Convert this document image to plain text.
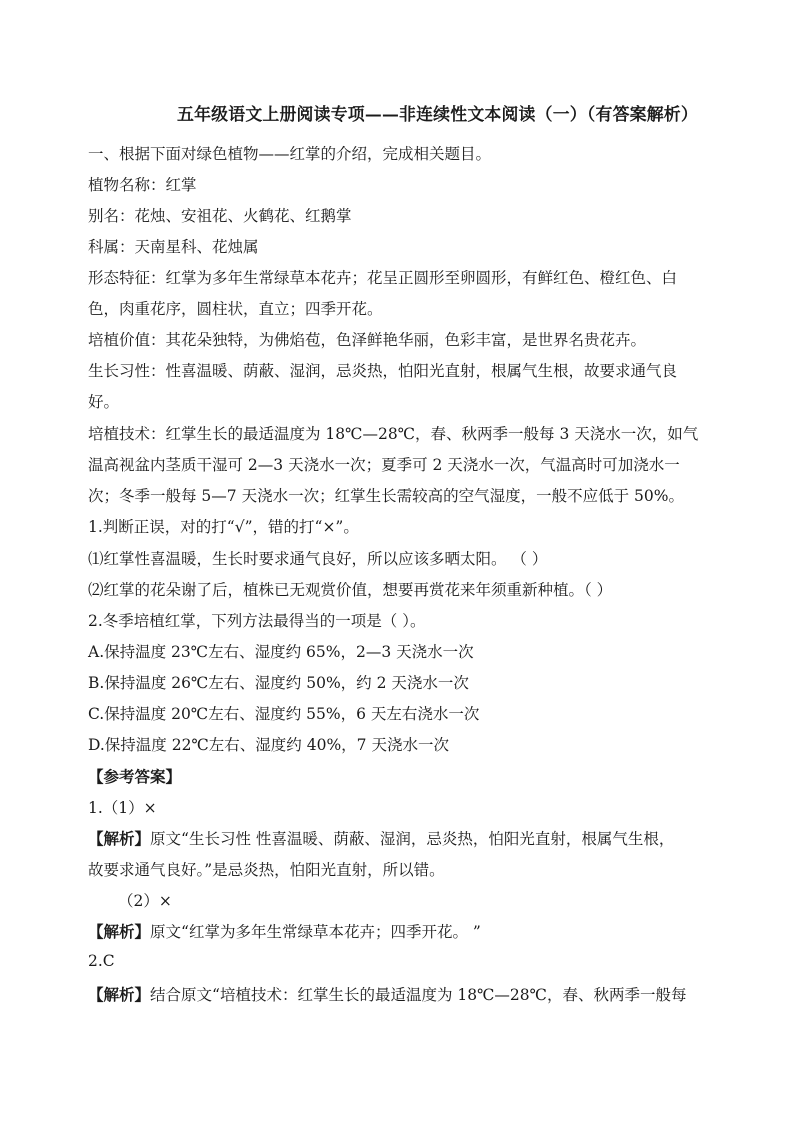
五年级语文上册阅读专项——非连续性文本阅读（一）（有答案解析）
一、根据下面对绿色植物——红掌的介绍，完成相关题目。
植物名称：红掌
别名：花烛、安祖花、火鹤花、红鹅掌
科属：天南星科、花烛属
形态特征：红掌为多年生常绿草本花卉；花呈正圆形至卵圆形，有鲜红色、橙红色、白
色，肉重花序，圆柱状，直立；四季开花。
培植价值：其花朵独特，为佛焰苞，色泽鲜艳华丽，色彩丰富，是世界名贵花卉。
生长习性：性喜温暖、荫蔽、湿润，忌炎热，怕阳光直射，根属气生根，故要求通气良
好。
培植技术：红掌生长的最适温度为 18℃—28℃，春、秋两季一般每 3 天浇水一次，如气
温高视盆内茎质干湿可 2—3 天浇水一次；夏季可 2 天浇水一次，气温高时可加浇水一
次；冬季一般每 5—7 天浇水一次；红掌生长需较高的空气湿度，一般不应低于 50%。
1.判断正误，对的打“√”，错的打“×”。
⑴红掌性喜温暖，生长时要求通气良好，所以应该多晒太阳。 （ ）
⑵红掌的花朵谢了后，植株已无观赏价值，想要再赏花来年须重新种植。（ ）
2.冬季培植红掌，下列方法最得当的一项是（ ）。
A.保持温度 23℃左右、湿度约 65%，2—3 天浇水一次
B.保持温度 26℃左右、湿度约 50%，约 2 天浇水一次
C.保持温度 20℃左右、湿度约 55%，6 天左右浇水一次
D.保持温度 22℃左右、湿度约 40%，7 天浇水一次
【参考答案】
1.（1）×
【解析】原文“生长习性 性喜温暖、荫蔽、湿润，忌炎热，怕阳光直射，根属气生根，
故要求通气良好。”是忌炎热，怕阳光直射，所以错。
（2）×
【解析】原文“红掌为多年生常绿草本花卉；四季开花。 ”
2.C
【解析】结合原文“培植技术：红掌生长的最适温度为 18℃—28℃，春、秋两季一般每
